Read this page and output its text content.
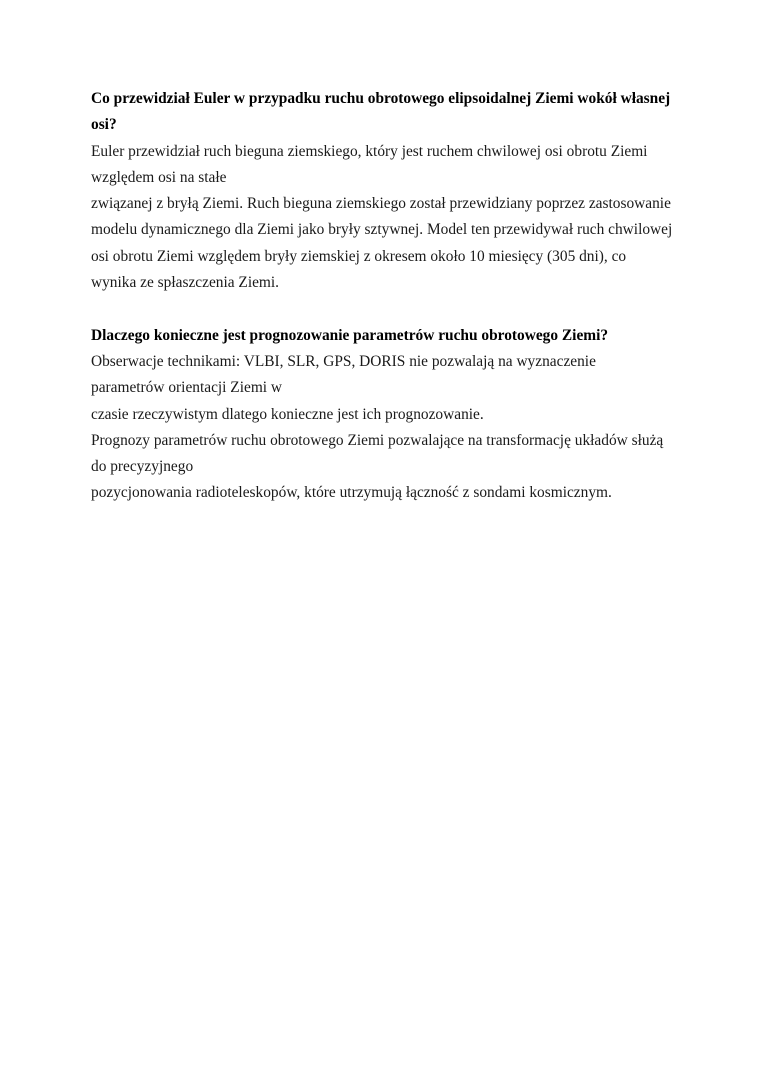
Co przewidział Euler w przypadku ruchu obrotowego elipsoidalnej Ziemi wokół własnej
osi?
Euler przewidział ruch bieguna ziemskiego, który jest ruchem chwilowej osi obrotu Ziemi
względem osi na stałe
związanej z bryłą Ziemi. Ruch bieguna ziemskiego został przewidziany poprzez zastosowanie
modelu dynamicznego dla Ziemi jako bryły sztywnej. Model ten przewidywał ruch chwilowej
osi obrotu Ziemi względem bryły ziemskiej z okresem około 10 miesięcy (305 dni), co
wynika ze spłaszczenia Ziemi.
Dlaczego konieczne jest prognozowanie parametrów ruchu obrotowego Ziemi?
Obserwacje technikami: VLBI, SLR, GPS, DORIS nie pozwalają na wyznaczenie
parametrów orientacji Ziemi w
czasie rzeczywistym dlatego konieczne jest ich prognozowanie.
Prognozy parametrów ruchu obrotowego Ziemi pozwalające na transformację układów służą
do precyzyjnego
pozycjonowania radioteleskopów, które utrzymują łączność z sondami kosmicznym.
